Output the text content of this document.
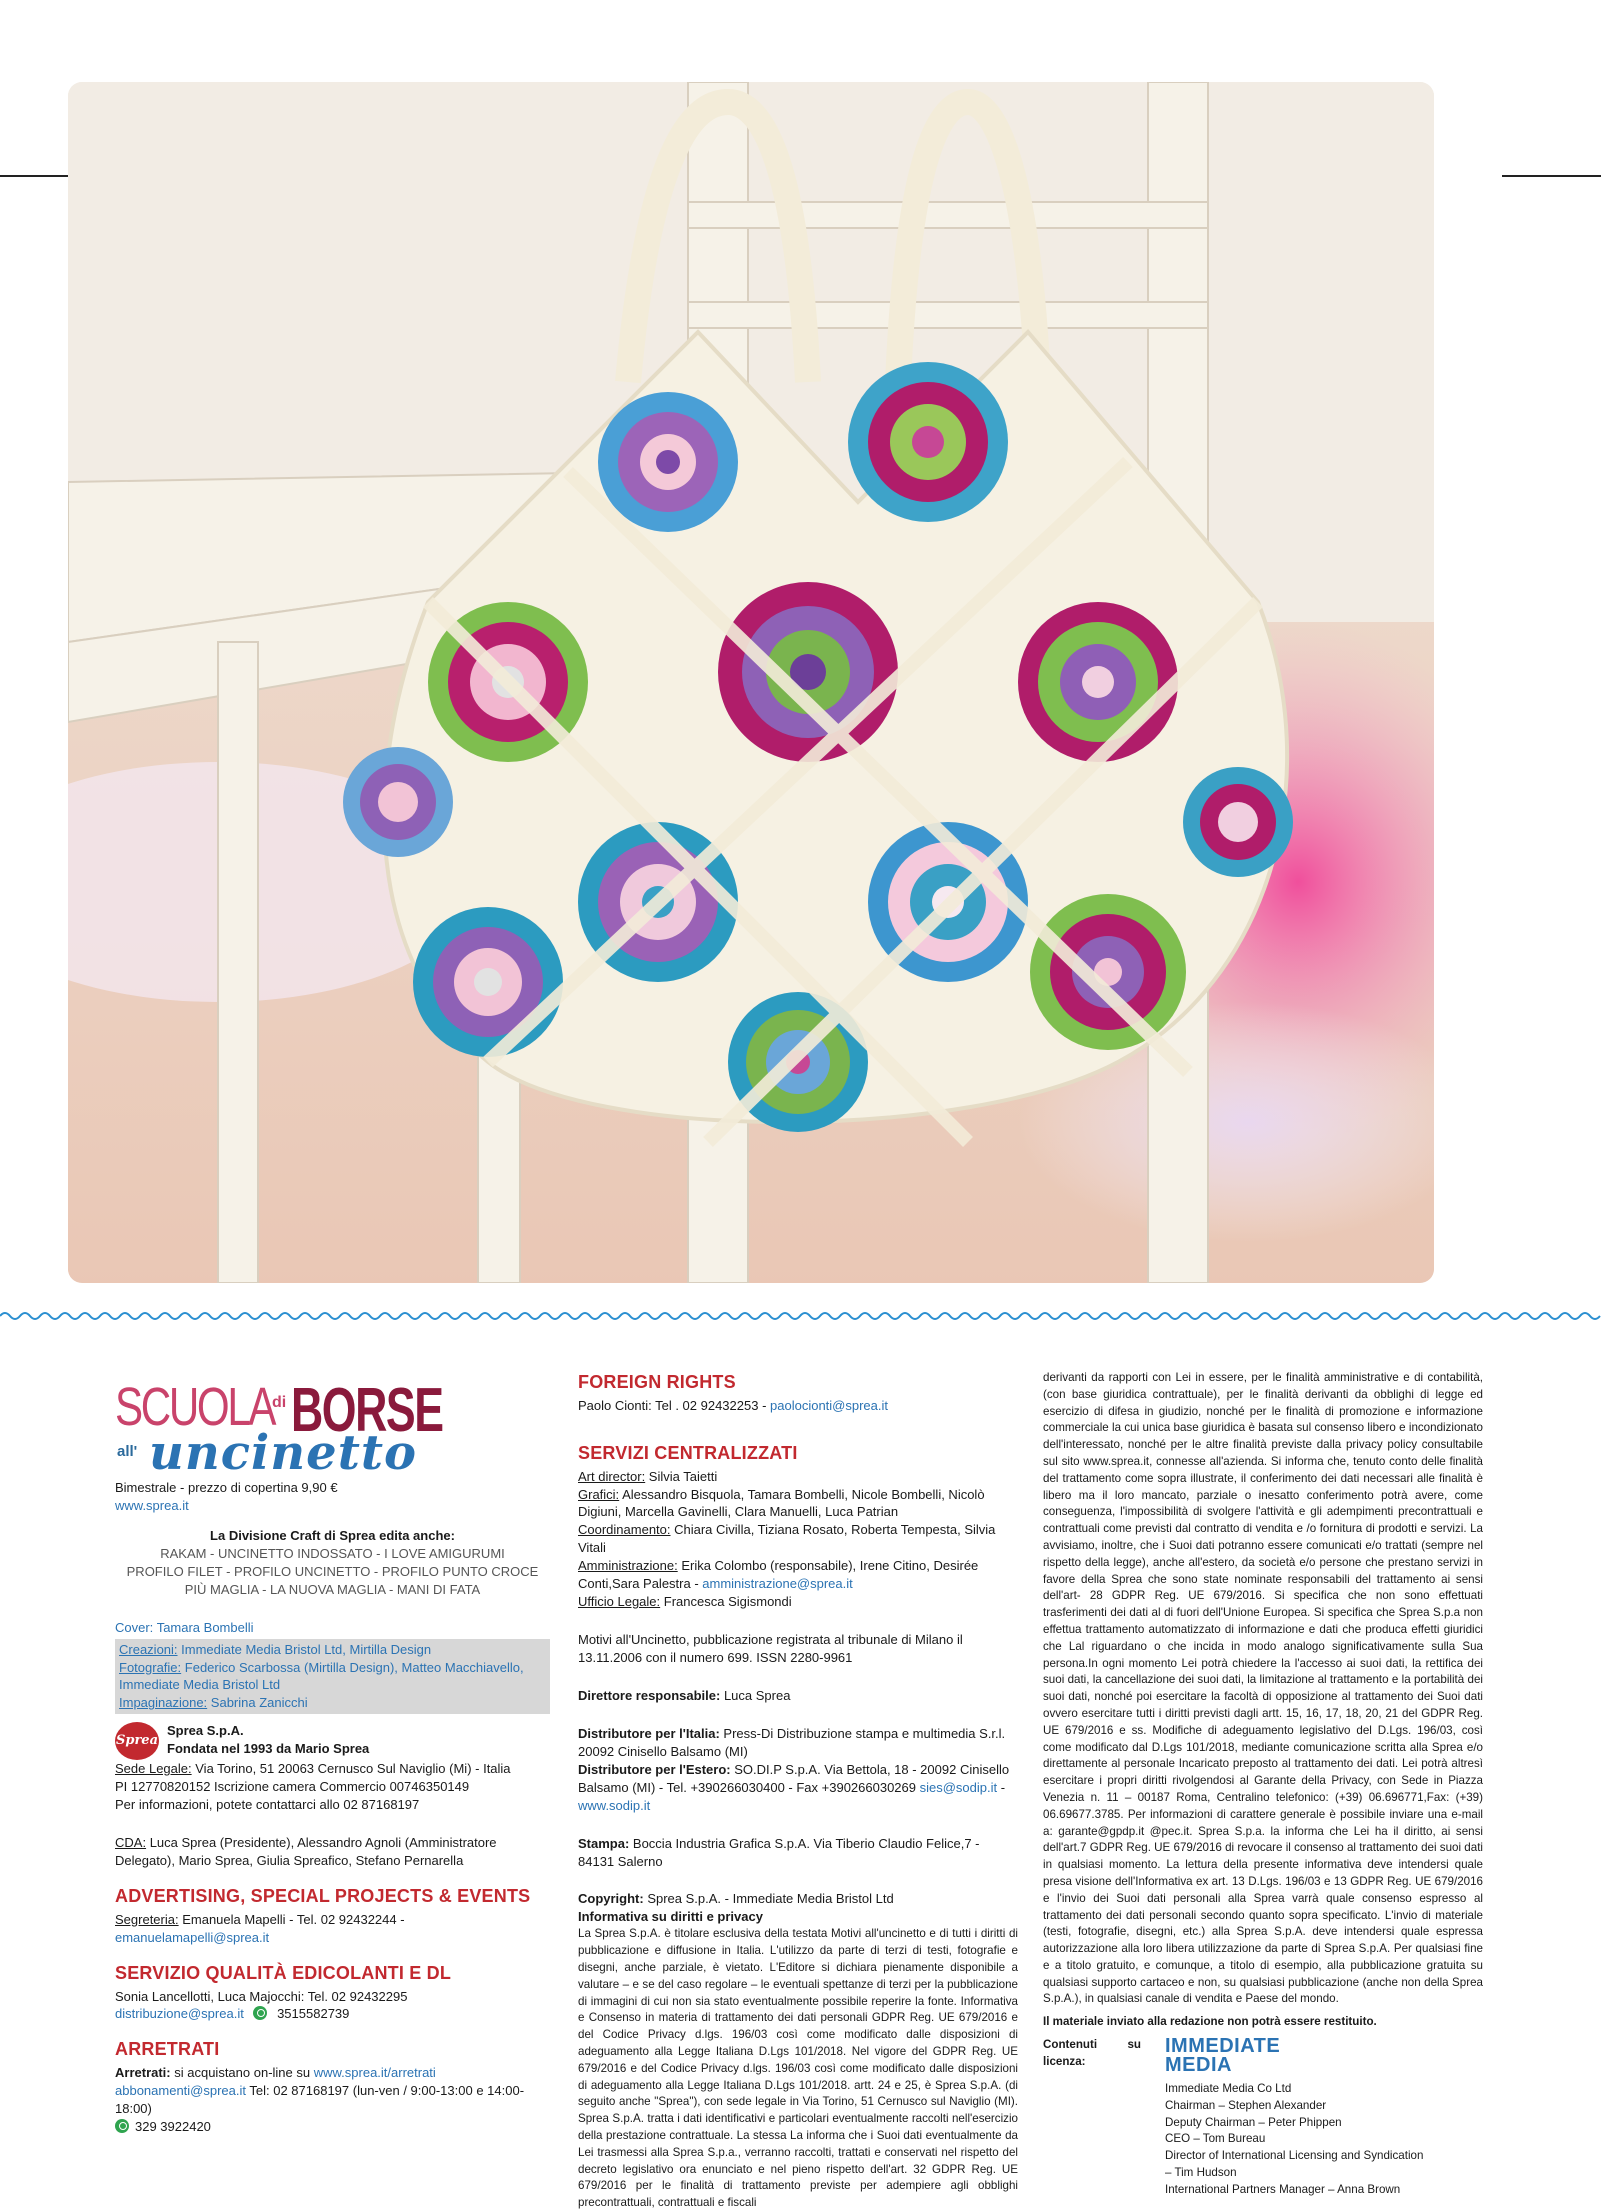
SCUOLA
di BORSE
all' uncinetto
Bimestrale - prezzo di copertina 9,90 €
www.sprea.it
La Divisione Craft di Sprea edita anche:
RAKAM - UNCINETTO INDOSSATO - I LOVE AMIGURUMI
PROFILO FILET - PROFILO UNCINETTO - PROFILO PUNTO CROCE
PIÙ MAGLIA - LA NUOVA MAGLIA - MANI DI FATA
Cover: Tamara Bombelli
Creazioni: Immediate Media Bristol Ltd, Mirtilla Design
Fotografie: Federico Scarbossa (Mirtilla Design), Matteo Macchiavello, Immediate Media Bristol Ltd
Impaginazione: Sabrina Zanicchi
Sprea
Sprea S.p.A.
Fondata nel 1993 da Mario Sprea
Sede Legale: Via Torino, 51 20063 Cernusco Sul Naviglio (Mi) - Italia
PI 12770820152 Iscrizione camera Commercio 00746350149
Per informazioni, potete contattarci allo 02 87168197
CDA: Luca Sprea (Presidente), Alessandro Agnoli (Amministratore Delegato), Mario Sprea, Giulia Spreafico, Stefano Pernarella
ADVERTISING, SPECIAL PROJECTS & EVENTS
Segreteria: Emanuela Mapelli - Tel. 02 92432244 - emanuelamapelli@sprea.it
SERVIZIO QUALITÀ EDICOLANTI E DL
Sonia Lancellotti, Luca Majocchi: Tel. 02 92432295
distribuzione@sprea.it	3515582739
ARRETRATI
Arretrati: si acquistano on-line su www.sprea.it/arretrati
abbonamenti@sprea.it Tel: 02 87168197 (lun-ven / 9:00-13:00 e 14:00-18:00)
329 3922420
FOREIGN RIGHTS
Paolo Cionti: Tel . 02 92432253 - paolocionti@sprea.it
SERVIZI CENTRALIZZATI
Art director: Silvia Taietti
Grafici: Alessandro Bisquola, Tamara Bombelli, Nicole Bombelli, Nicolò Digiuni, Marcella Gavinelli, Clara Manuelli, Luca Patrian
Coordinamento: Chiara Civilla, Tiziana Rosato, Roberta Tempesta, Silvia Vitali
Amministrazione: Erika Colombo (responsabile), Irene Citino, Desirée Conti,Sara Palestra - amministrazione@sprea.it
Ufficio Legale: Francesca Sigismondi
Motivi all'Uncinetto, pubblicazione registrata al tribunale di Milano il 13.11.2006 con il numero 699. ISSN 2280-9961
Direttore responsabile: Luca Sprea
Distributore per l'Italia: Press-Di Distribuzione stampa e multimedia S.r.l. 20092 Cinisello Balsamo (MI)
Distributore per l'Estero: SO.DI.P S.p.A. Via Bettola, 18 - 20092 Cinisello Balsamo (MI) - Tel. +390266030400 - Fax +390266030269 sies@sodip.it - www.sodip.it
Stampa: Boccia Industria Grafica S.p.A. Via Tiberio Claudio Felice,7 - 84131 Salerno
Copyright: Sprea S.p.A. - Immediate Media Bristol Ltd
Informativa su diritti e privacy
La Sprea S.p.A. è titolare esclusiva della testata Motivi all'uncinetto e di tutti i diritti di pubblicazione e diffusione in Italia. L'utilizzo da parte di terzi di testi, fotografie e disegni, anche parziale, è vietato. L'Editore si dichiara pienamente disponibile a valutare – e se del caso regolare – le eventuali spettanze di terzi per la pubblicazione di immagini di cui non sia stato eventualmente possibile reperire la fonte. Informativa e Consenso in materia di trattamento dei dati personali GDPR Reg. UE 679/2016 e del Codice Privacy d.lgs. 196/03 così come modificato dalle disposizioni di adeguamento alla Legge Italiana D.Lgs 101/2018. Nel vigore del GDPR Reg. UE 679/2016 e del Codice Privacy d.lgs. 196/03 così come modificato dalle disposizioni di adeguamento alla Legge Italiana D.Lgs 101/2018. artt. 24 e 25, è Sprea S.p.A. (di seguito anche "Sprea"), con sede legale in Via Torino, 51 Cernusco sul Naviglio (MI). Sprea S.p.A. tratta i dati identificativi e particolari eventualmente raccolti nell'esercizio della prestazione contrattuale. La stessa La informa che i Suoi dati eventualmente da Lei trasmessi alla Sprea S.p.a., verranno raccolti, trattati e conservati nel rispetto del decreto legislativo ora enunciato e nel pieno rispetto dell'art. 32 GDPR Reg. UE 679/2016 per le finalità di trattamento previste per adempiere agli obblighi precontrattuali, contrattuali e fiscali
derivanti da rapporti con Lei in essere, per le finalità amministrative e di contabilità, (con base giuridica contrattuale), per le finalità derivanti da obblighi di legge ed esercizio di difesa in giudizio, nonché per le finalità di promozione e informazione commerciale la cui unica base giuridica è basata sul consenso libero e incondizionato dell'interessato, nonché per le altre finalità previste dalla privacy policy consultabile sul sito www.sprea.it, connesse all'azienda. Si informa che, tenuto conto delle finalità del trattamento come sopra illustrate, il conferimento dei dati necessari alle finalità è libero ma il loro mancato, parziale o inesatto conferimento potrà avere, come conseguenza, l'impossibilità di svolgere l'attività e gli adempimenti precontrattuali e contrattuali come previsti dal contratto di vendita e /o fornitura di prodotti e servizi. La avvisiamo, inoltre, che i Suoi dati potranno essere comunicati e/o trattati (sempre nel rispetto della legge), anche all'estero, da società e/o persone che prestano servizi in favore della Sprea che sono state nominate responsabili del trattamento ai sensi dell'art- 28 GDPR Reg. UE 679/2016. Si specifica che non sono effettuati trasferimenti dei dati al di fuori dell'Unione Europea. Si specifica che Sprea S.p.a non effettua trattamento automatizzato di informazione e dati che produca effetti giuridici che Lal riguardano o che incida in modo analogo significativamente sulla Sua persona.In ogni momento Lei potrà chiedere la l'accesso ai suoi dati, la rettifica dei suoi dati, la cancellazione dei suoi dati, la limitazione al trattamento e la portabilità dei suoi dati, nonché poi esercitare la facoltà di opposizione al trattamento dei Suoi dati ovvero esercitare tutti i diritti previsti dagli artt. 15, 16, 17, 18, 20, 21 del GDPR Reg. UE 679/2016 e ss. Modifiche di adeguamento legislativo del D.Lgs. 196/03, così come modificato dal D.Lgs 101/2018, mediante comunicazione scritta alla Sprea e/o direttamente al personale Incaricato preposto al trattamento dei dati. Lei potrà altresì esercitare i propri diritti rivolgendosi al Garante della Privacy, con Sede in Piazza Venezia n. 11 – 00187 Roma, Centralino telefonico: (+39) 06.696771,Fax: (+39) 06.69677.3785. Per informazioni di carattere generale è possibile inviare una e-mail a: garante@gpdp.it @pec.it. Sprea S.p.a. la informa che Lei ha il diritto, ai sensi dell'art.7 GDPR Reg. UE 679/2016 di revocare il consenso al trattamento dei suoi dati in qualsiasi momento. La lettura della presente informativa deve intendersi quale presa visione dell'Informativa ex art. 13 D.Lgs. 196/03 e 13 GDPR Reg. UE 679/2016 e l'invio dei Suoi dati personali alla Sprea varrà quale consenso espresso al trattamento dei dati personali secondo quanto sopra specificato. L'invio di materiale (testi, fotografie, disegni, etc.) alla Sprea S.p.A. deve intendersi quale espressa autorizzazione alla loro libera utilizzazione da parte di Sprea S.p.A. Per qualsiasi fine e a titolo gratuito, e comunque, a titolo di esempio, alla pubblicazione gratuita su qualsiasi supporto cartaceo e non, su qualsiasi pubblicazione (anche non della Sprea S.p.A.), in qualsiasi canale di vendita e Paese del mondo.
Il materiale inviato alla redazione non potrà essere restituito.
Contenuti su licenza:
IMMEDIATE
MEDIA
Immediate Media Co Ltd
Chairman – Stephen Alexander
Deputy Chairman – Peter Phippen
CEO – Tom Bureau
Director of International Licensing and Syndication
– Tim Hudson
International Partners Manager – Anna Brown
